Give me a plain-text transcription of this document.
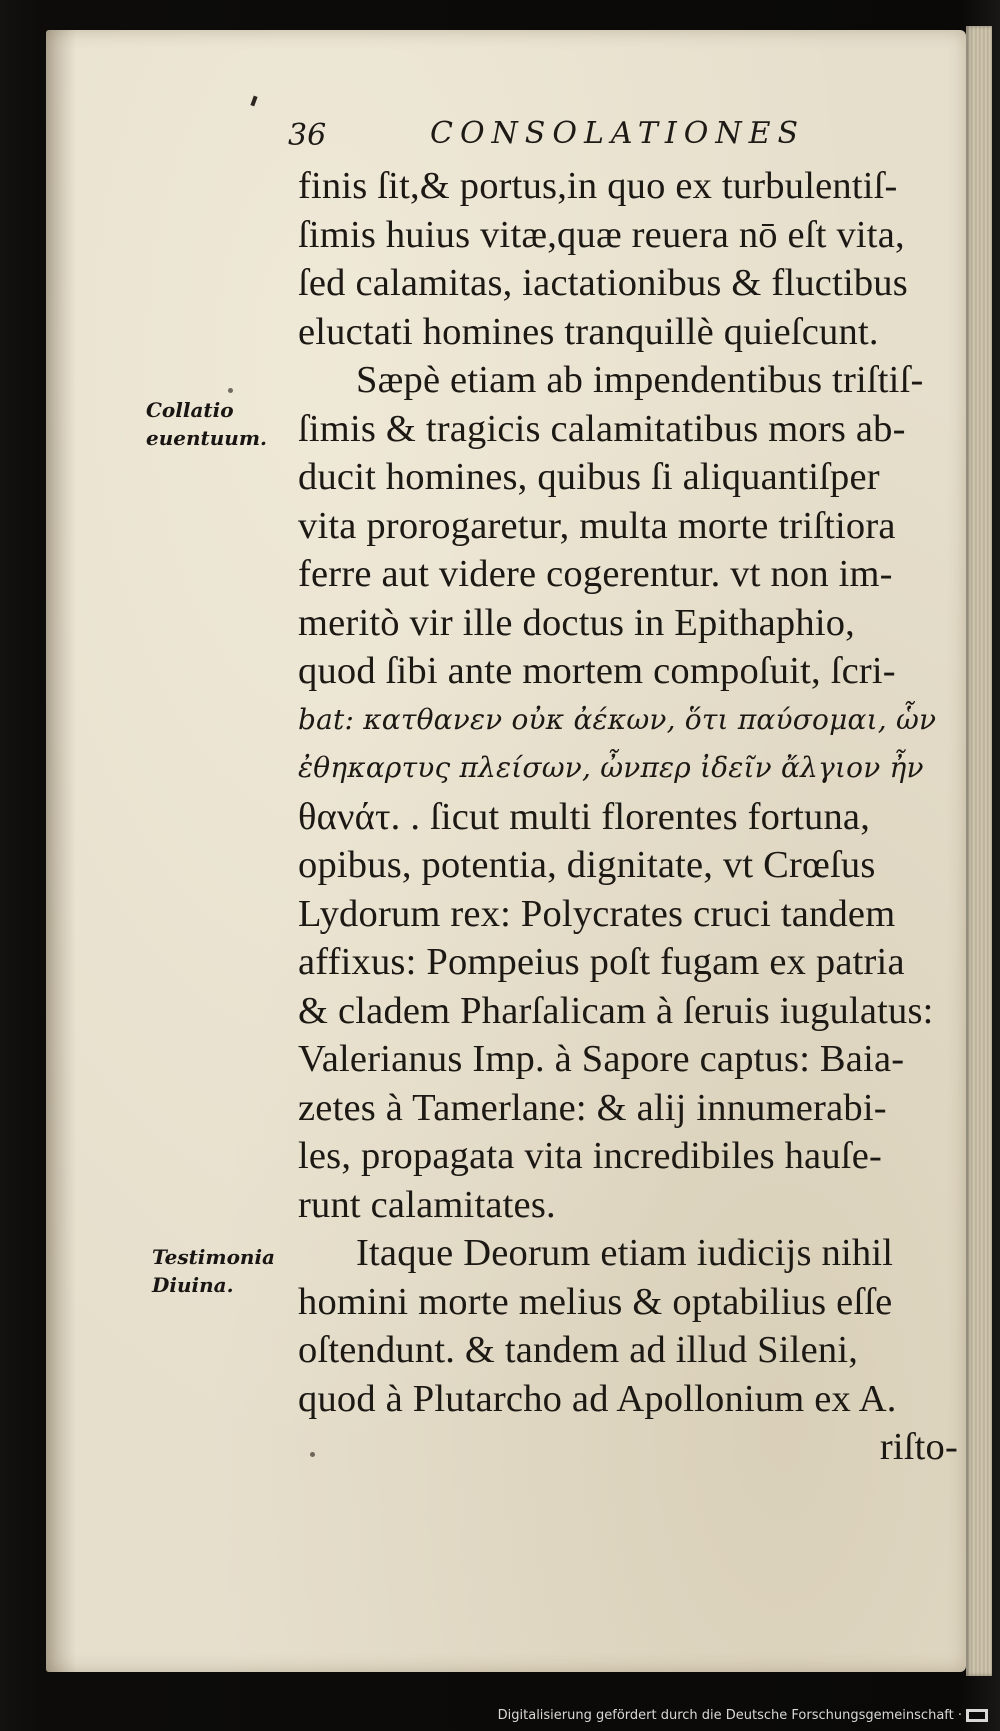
36	CONSOLATIONES
Collatio
euentuum.
Testimonia
Diuina.
finis ſit,& portus,in quo ex turbulentiſ-
ſimis huius vitæ,quæ reuera nō eſt vita,
ſed calamitas, iactationibus & fluctibus
eluctati homines tranquillè quieſcunt.
Sæpè etiam ab impendentibus triſtiſ-
ſimis & tragicis calamitatibus mors ab-
ducit homines, quibus ſi aliquantiſper
vita prorogaretur, multa morte triſtiora
ferre aut videre cogerentur. vt non im-
meritò vir ille doctus in Epithaphio,
quod ſibi ante mortem compoſuit, ſcri-
bat: κατθανεν οὐκ ἀέκων, ὅτι παύσομαι, ὧν
ἐθηκαρτυς πλείσων, ὦνπερ ἰδεῖν ἄλγιον ἦν
θανάτ. . ſicut multi florentes fortuna,
opibus, potentia, dignitate, vt Crœſus
Lydorum rex: Polycrates cruci tandem
affixus: Pompeius poſt fugam ex patria
& cladem Pharſalicam à ſeruis iugulatus:
Valerianus Imp. à Sapore captus: Baia-
zetes à Tamerlane: & alij innumerabi-
les, propagata vita incredibiles hauſe-
runt calamitates.
Itaque Deorum etiam iudicijs nihil
homini morte melius & optabilius eſſe
oſtendunt. & tandem ad illud Sileni,
quod à Plutarcho ad Apollonium ex A.
riſto-
Digitalisierung gefördert durch die Deutsche Forschungsgemeinschaft ·
